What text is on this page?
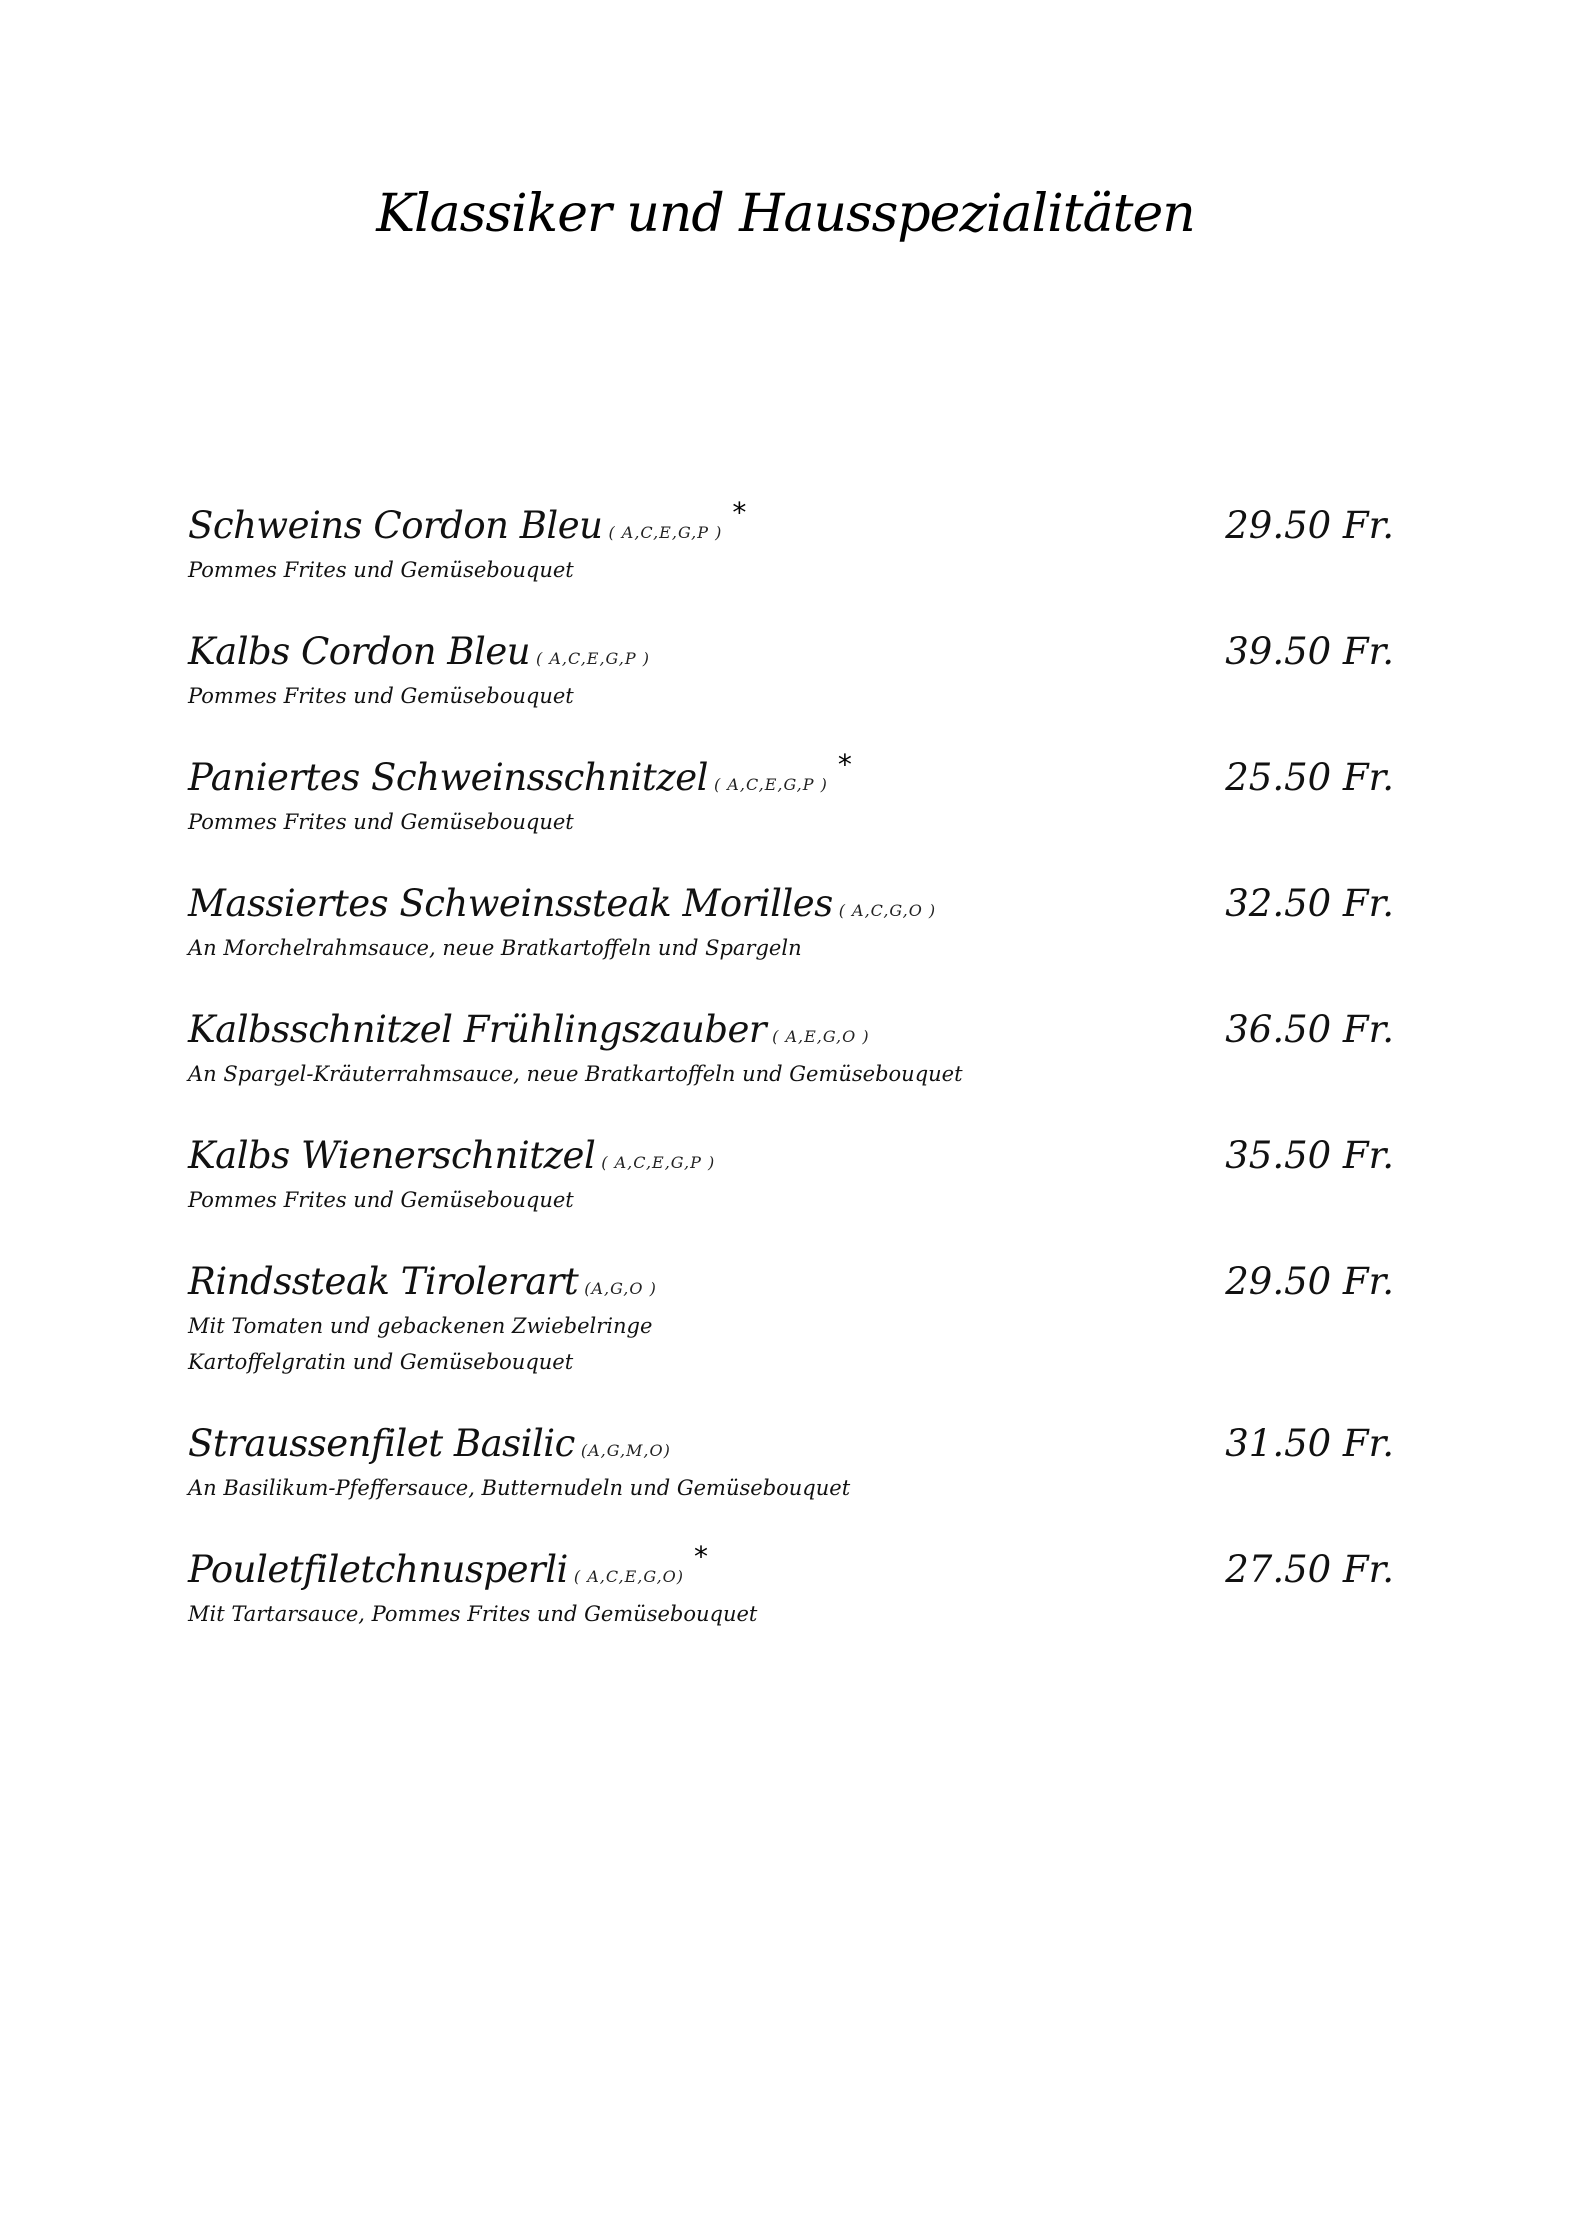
Klassiker und Hausspezialitäten
Schweins Cordon Bleu ( A,C,E,G,P )*	29.50 Fr.
Pommes Frites und Gemüsebouquet
Kalbs Cordon Bleu ( A,C,E,G,P )	39.50 Fr.
Pommes Frites und Gemüsebouquet
Paniertes Schweinsschnitzel ( A,C,E,G,P )*	25.50 Fr.
Pommes Frites und Gemüsebouquet
Massiertes Schweinssteak Morilles ( A,C,G,O )	32.50 Fr.
An Morchelrahmsauce, neue Bratkartoffeln und Spargeln
Kalbsschnitzel Frühlingszauber ( A,E,G,O )	36.50 Fr.
An Spargel-Kräuterrahmsauce, neue Bratkartoffeln und Gemüsebouquet
Kalbs Wienerschnitzel ( A,C,E,G,P )	35.50 Fr.
Pommes Frites und Gemüsebouquet
Rindssteak Tirolerart (A,G,O )	29.50 Fr.
Mit Tomaten und gebackenen Zwiebelringe
Kartoffelgratin und Gemüsebouquet
Straussenfilet Basilic (A,G,M,O)	31.50 Fr.
An Basilikum-Pfeffersauce, Butternudeln und Gemüsebouquet
Pouletfiletchnusperli ( A,C,E,G,O)*	27.50 Fr.
Mit Tartarsauce, Pommes Frites und Gemüsebouquet
